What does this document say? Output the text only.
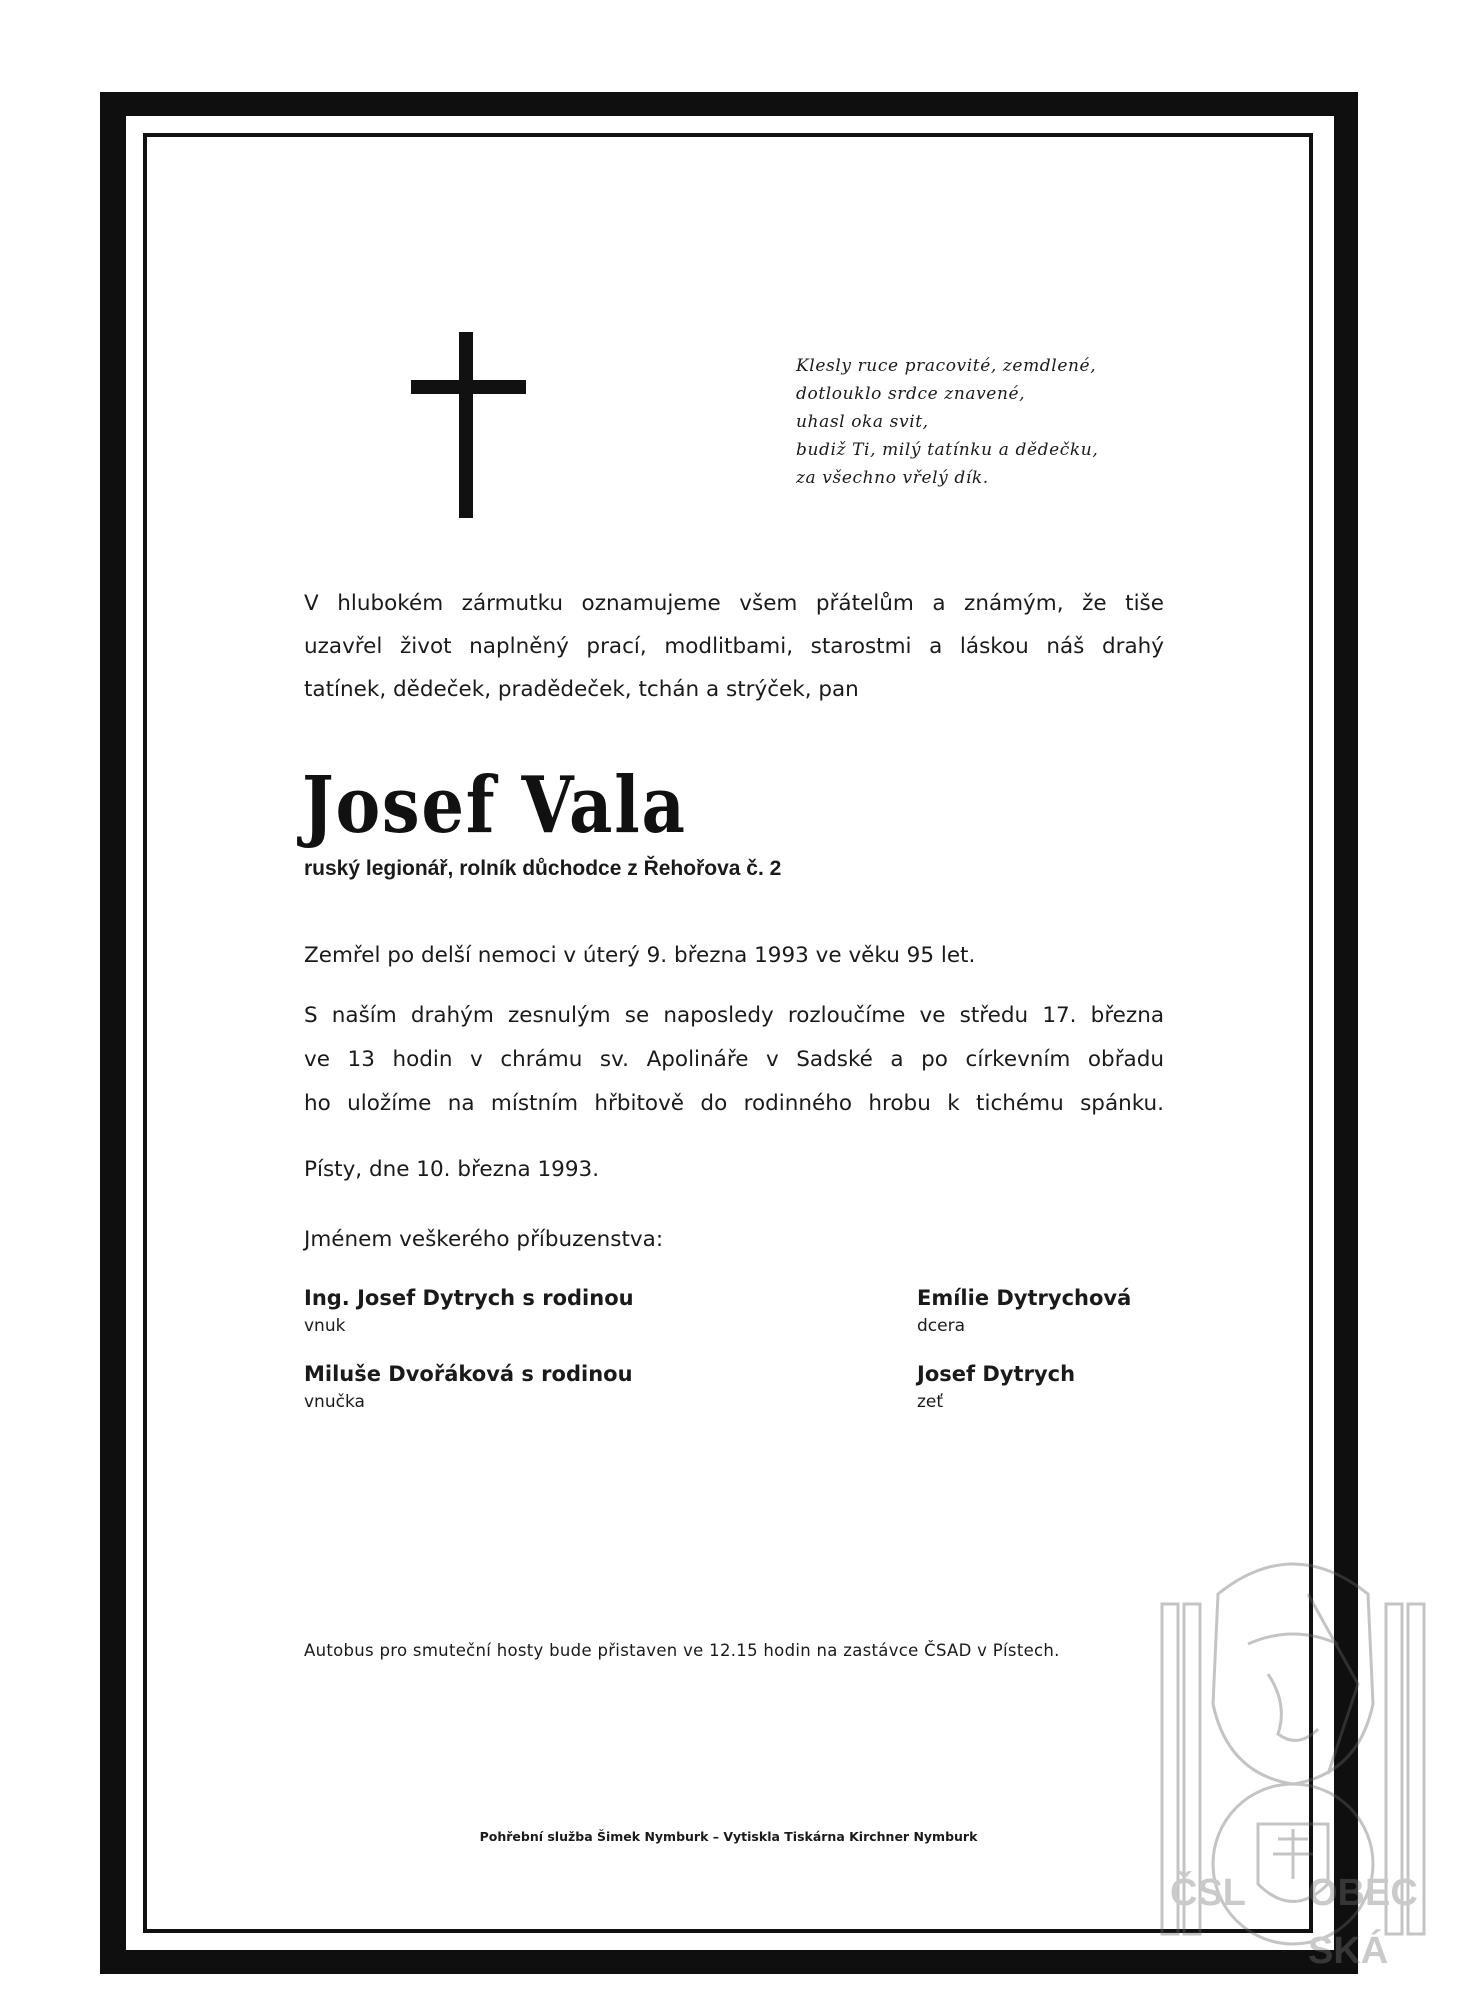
Klesly ruce pracovité, zemdlené,
dotlouklo srdce znavené,
uhasl oka svit,
budiž Ti, milý tatínku a dědečku,
za všechno vřelý dík.
V hlubokém zármutku oznamujeme všem přátelům a známým, že tiše
uzavřel život naplněný prací, modlitbami, starostmi a láskou náš drahý
tatínek, dědeček, pradědeček, tchán a strýček, pan
Josef Vala
ruský legionář, rolník důchodce z Řehořova č. 2
Zemřel po delší nemoci v úterý 9. března 1993 ve věku 95 let.
S naším drahým zesnulým se naposledy rozloučíme ve středu 17. března
ve 13 hodin v chrámu sv. Apolináře v Sadské a po církevním obřadu
ho uložíme na místním hřbitově do rodinného hrobu k tichému spánku.
Písty, dne 10. března 1993.
Jménem veškerého příbuzenstva:
Ing. Josef Dytrych s rodinou
vnuk
Emílie Dytrychová
dcera
Miluše Dvořáková s rodinou
vnučka
Josef Dytrych
zeť
Autobus pro smuteční hosty bude přistaven ve 12.15 hodin na zastávce ČSAD v Pístech.
Pohřební služba Šimek Nymburk – Vytiskla Tiskárna Kirchner Nymburk
ČSL OBEC
SKÁ
